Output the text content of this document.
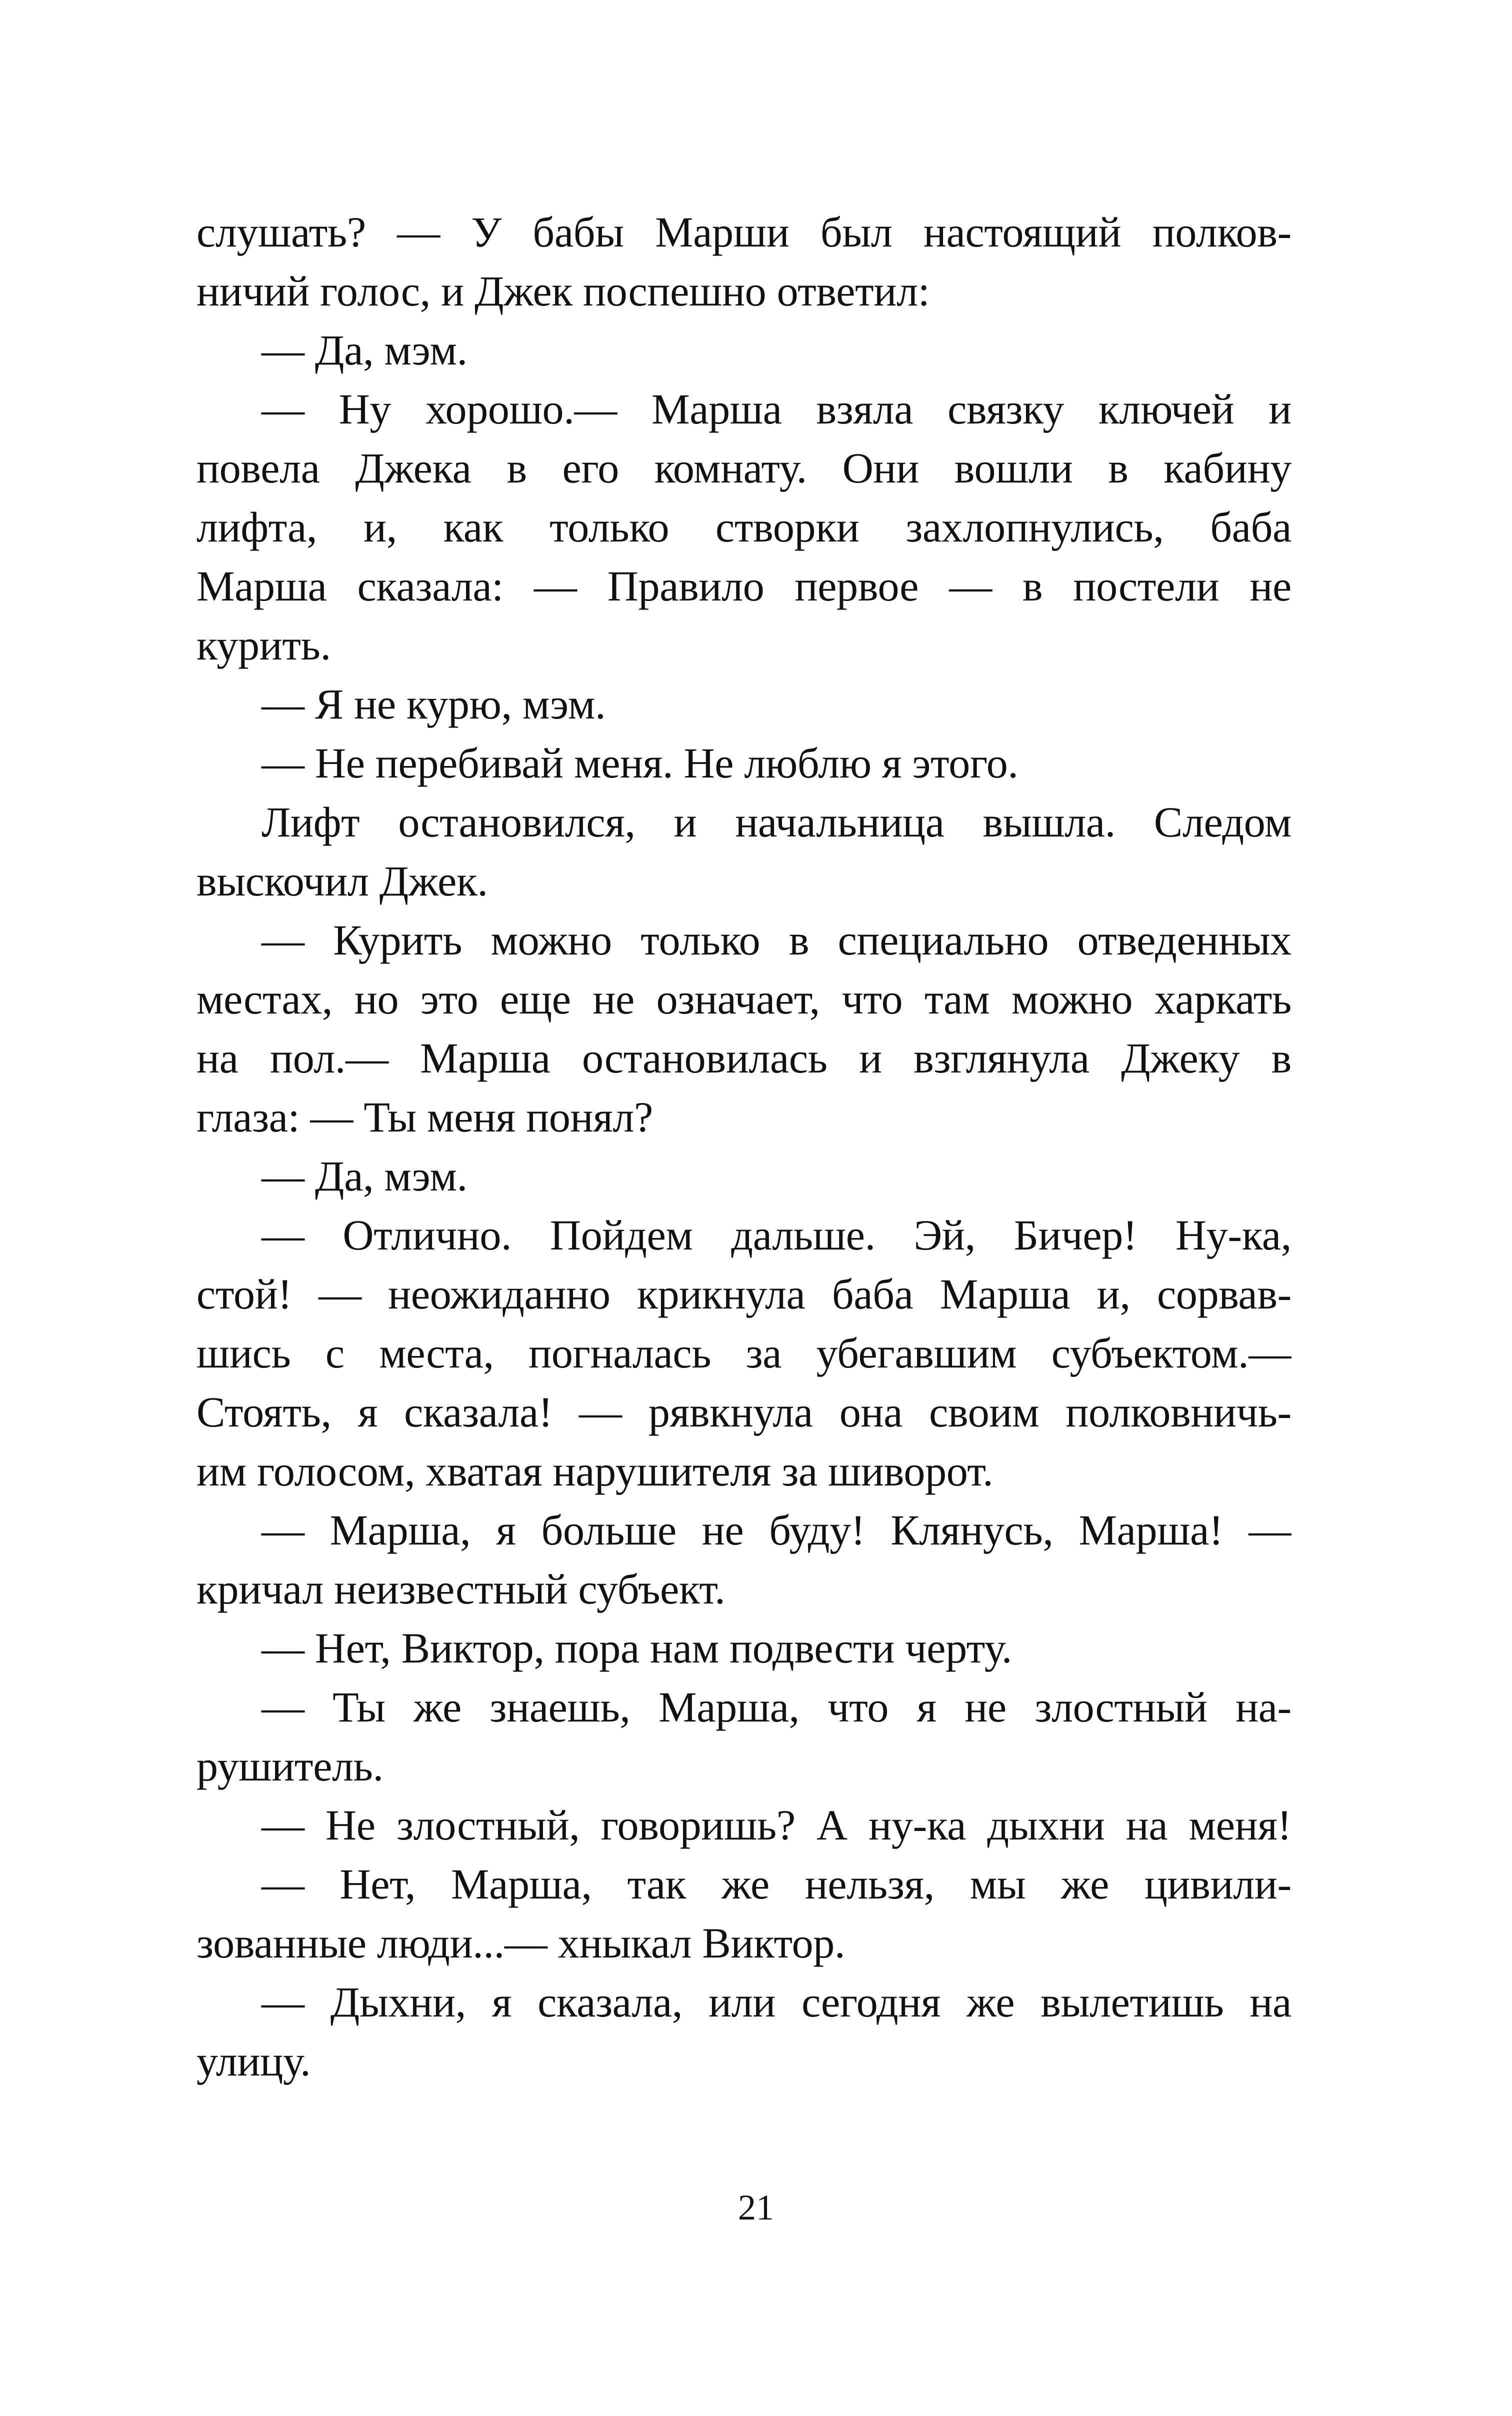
слушать? — У бабы Марши был настоящий полков-
ничий голос, и Джек поспешно ответил:
— Да, мэм.
— Ну хорошо.— Марша взяла связку ключей и
повела Джека в его комнату. Они вошли в кабину
лифта, и, как только створки захлопнулись, баба
Марша сказала: — Правило первое — в постели не
курить.
— Я не курю, мэм.
— Не перебивай меня. Не люблю я этого.
Лифт остановился, и начальница вышла. Следом
выскочил Джек.
— Курить можно только в специально отведенных
местах, но это еще не означает, что там можно харкать
на пол.— Марша остановилась и взглянула Джеку в
глаза: — Ты меня понял?
— Да, мэм.
— Отлично. Пойдем дальше. Эй, Бичер! Ну-ка,
стой! — неожиданно крикнула баба Марша и, сорвав-
шись с места, погналась за убегавшим субъектом.—
Стоять, я сказала! — рявкнула она своим полковничь-
им голосом, хватая нарушителя за шиворот.
— Марша, я больше не буду! Клянусь, Марша! —
кричал неизвестный субъект.
— Нет, Виктор, пора нам подвести черту.
— Ты же знаешь, Марша, что я не злостный на-
рушитель.
— Не злостный, говоришь? А ну-ка дыхни на меня!
— Нет, Марша, так же нельзя, мы же цивили-
зованные люди...— хныкал Виктор.
— Дыхни, я сказала, или сегодня же вылетишь на
улицу.
21
